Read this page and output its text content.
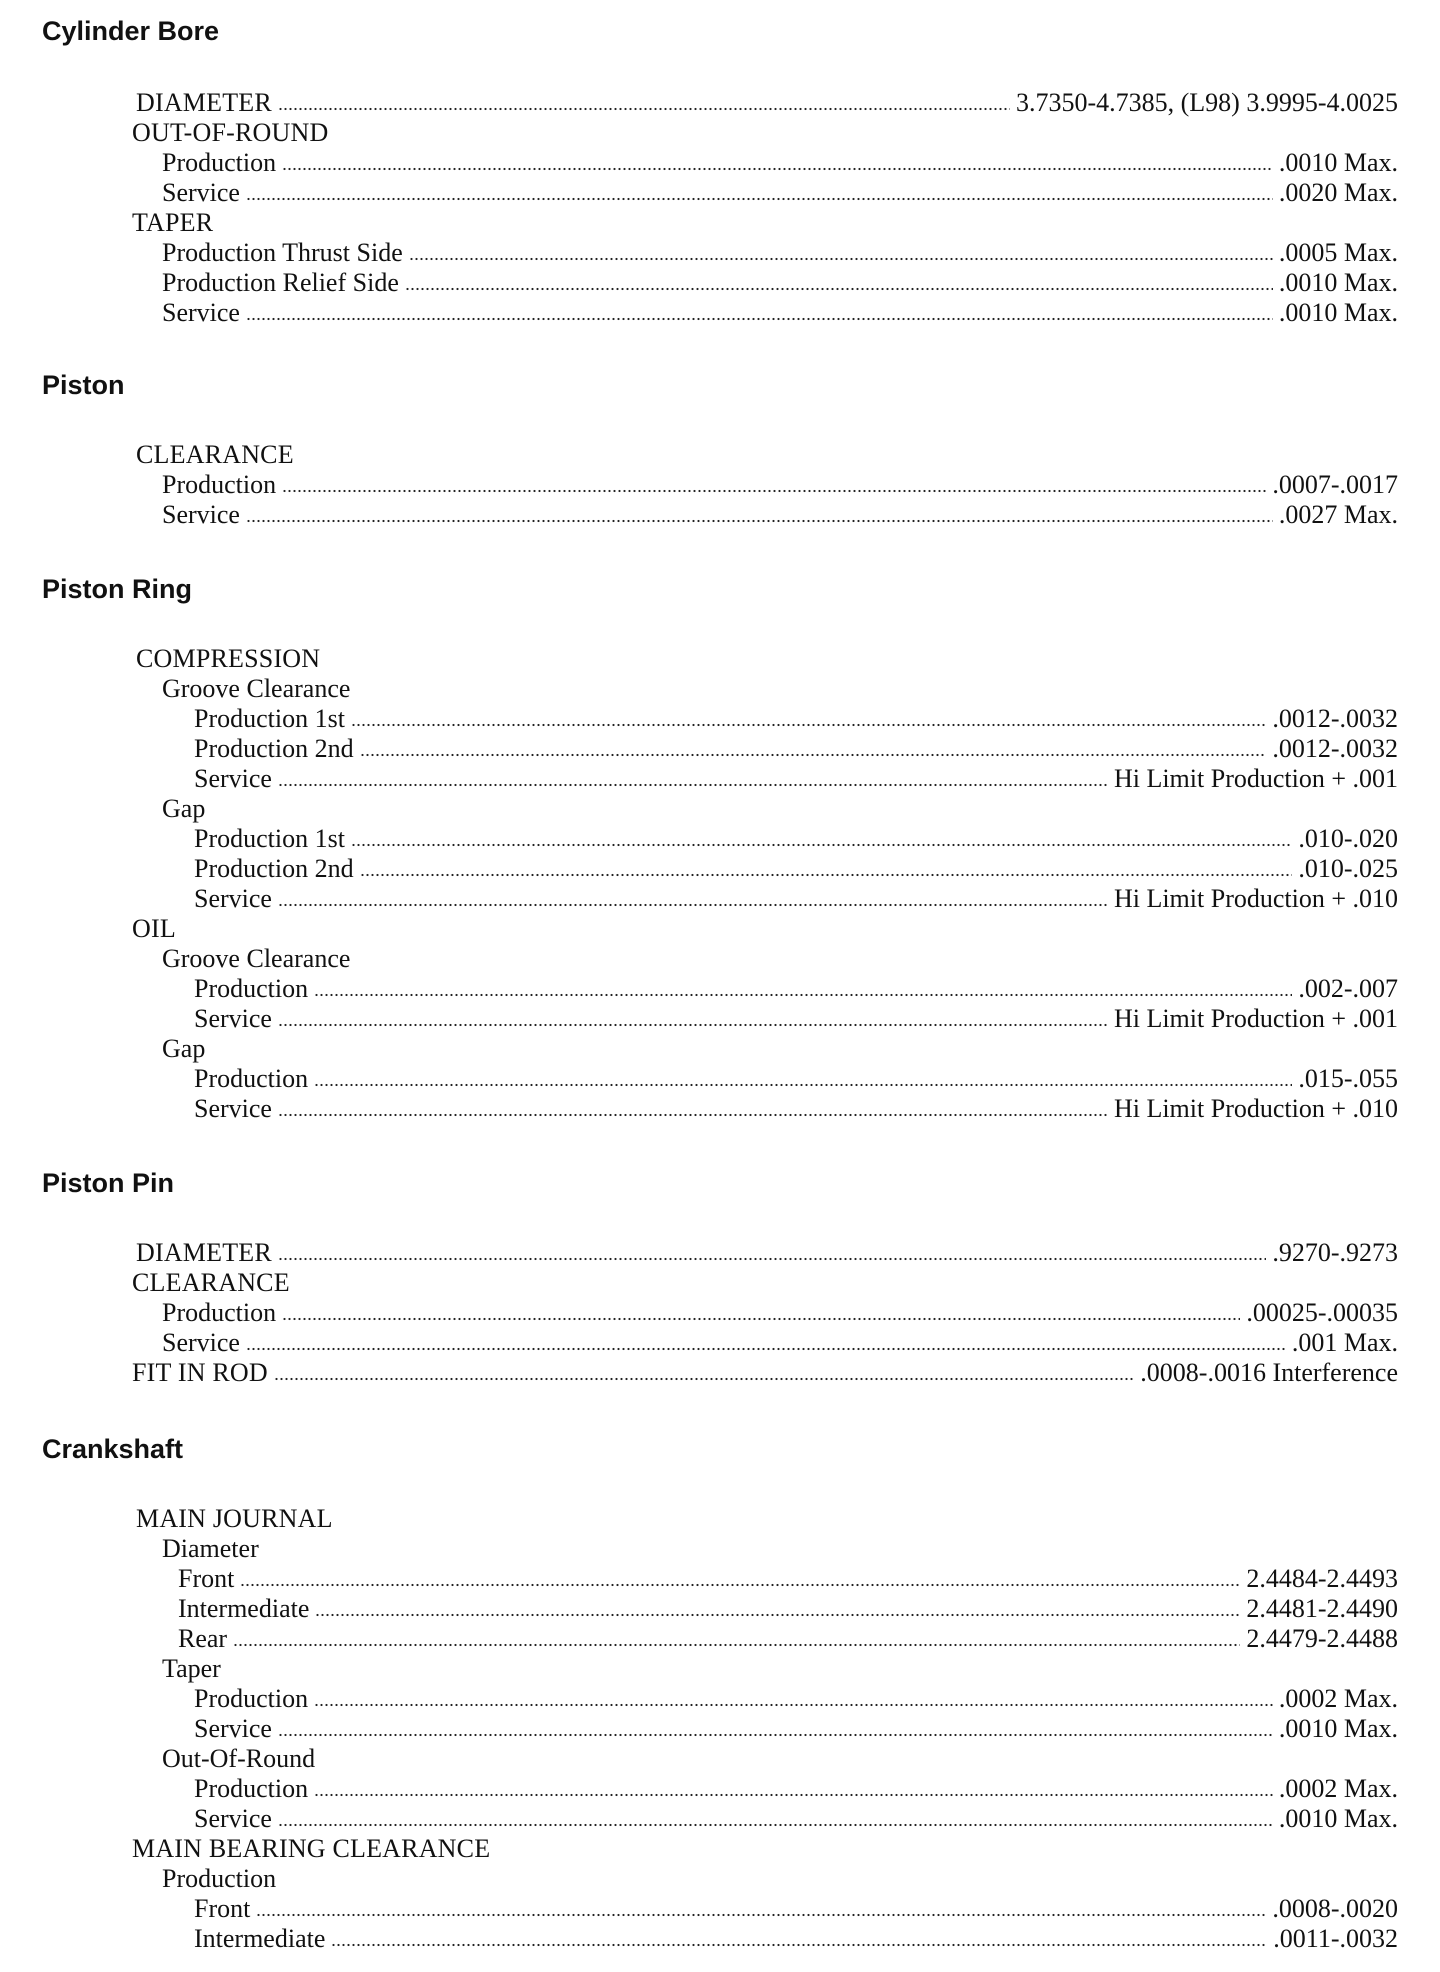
Cylinder Bore
DIAMETER	3.7350-4.7385, (L98) 3.9995-4.0025
OUT-OF-ROUND
Production	.0010 Max.
Service	.0020 Max.
TAPER
Production Thrust Side	.0005 Max.
Production Relief Side	.0010 Max.
Service	.0010 Max.
Piston
CLEARANCE
Production	.0007-.0017
Service	.0027 Max.
Piston Ring
COMPRESSION
Groove Clearance
Production 1st	.0012-.0032
Production 2nd	.0012-.0032
Service	Hi Limit Production + .001
Gap
Production 1st	.010-.020
Production 2nd	.010-.025
Service	Hi Limit Production + .010
OIL
Groove Clearance
Production	.002-.007
Service	Hi Limit Production + .001
Gap
Production	.015-.055
Service	Hi Limit Production + .010
Piston Pin
DIAMETER	.9270-.9273
CLEARANCE
Production	.00025-.00035
Service	.001 Max.
FIT IN ROD	.0008-.0016 Interference
Crankshaft
MAIN JOURNAL
Diameter
Front	2.4484-2.4493
Intermediate	2.4481-2.4490
Rear	2.4479-2.4488
Taper
Production	.0002 Max.
Service	.0010 Max.
Out-Of-Round
Production	.0002 Max.
Service	.0010 Max.
MAIN BEARING CLEARANCE
Production
Front	.0008-.0020
Intermediate	.0011-.0032
